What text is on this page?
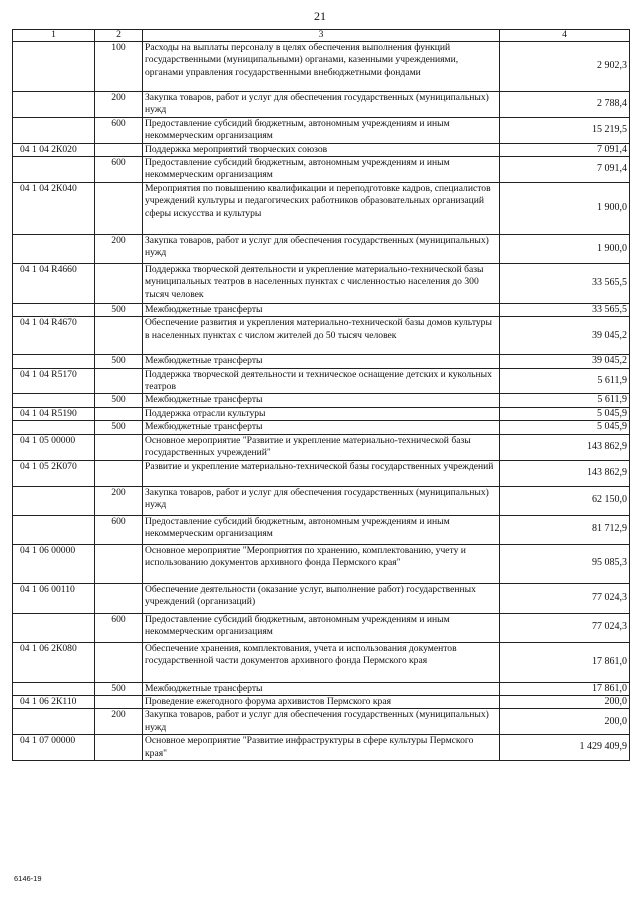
21
1	2	3	4
	100	Расходы на выплаты персоналу в целях обеспечения выполнения функций государственными (муниципальными) органами, казенными учреждениями, органами управления государственными внебюджетными фондами	2 902,3
	200	Закупка товаров, работ и услуг для обеспечения государственных (муниципальных) нужд	2 788,4
	600	Предоставление субсидий бюджетным, автономным учреждениям и иным некоммерческим организациям	15 219,5
04 1 04 2К020		Поддержка мероприятий творческих союзов	7 091,4
	600	Предоставление субсидий бюджетным, автономным учреждениям и иным некоммерческим организациям	7 091,4
04 1 04 2К040		Мероприятия по повышению квалификации и переподготовке кадров, специалистов учреждений культуры и педагогических работников образовательных организаций сферы искусства и культуры	1 900,0
	200	Закупка товаров, работ и услуг для обеспечения государственных (муниципальных) нужд	1 900,0
04 1 04 R4660		Поддержка творческой деятельности и укрепление материально-технической базы муниципальных театров в населенных пунктах с численностью населения до 300 тысяч человек	33 565,5
	500	Межбюджетные трансферты	33 565,5
04 1 04 R4670		Обеспечение развития и укрепления материально-технической базы домов культуры в населенных пунктах с числом жителей до 50 тысяч человек	39 045,2
	500	Межбюджетные трансферты	39 045,2
04 1 04 R5170		Поддержка творческой деятельности и техническое оснащение детских и кукольных театров	5 611,9
	500	Межбюджетные трансферты	5 611,9
04 1 04 R5190		Поддержка отрасли культуры	5 045,9
	500	Межбюджетные трансферты	5 045,9
04 1 05 00000		Основное мероприятие "Развитие и укрепление материально-технической базы государственных учреждений"	143 862,9
04 1 05 2К070		Развитие и укрепление материально-технической базы государственных учреждений	143 862,9
	200	Закупка товаров, работ и услуг для обеспечения государственных (муниципальных) нужд	62 150,0
	600	Предоставление субсидий бюджетным, автономным учреждениям и иным некоммерческим организациям	81 712,9
04 1 06 00000		Основное мероприятие "Мероприятия по хранению, комплектованию, учету и использованию документов архивного фонда Пермского края"	95 085,3
04 1 06 00110		Обеспечение деятельности (оказание услуг, выполнение работ) государственных учреждений (организаций)	77 024,3
	600	Предоставление субсидий бюджетным, автономным учреждениям и иным некоммерческим организациям	77 024,3
04 1 06 2К080		Обеспечение хранения, комплектования, учета и использования документов государственной части документов архивного фонда Пермского края	17 861,0
	500	Межбюджетные трансферты	17 861,0
04 1 06 2К110		Проведение ежегодного форума архивистов Пермского края	200,0
	200	Закупка товаров, работ и услуг для обеспечения государственных (муниципальных) нужд	200,0
04 1 07 00000		Основное мероприятие "Развитие инфраструктуры в сфере культуры Пермского края"	1 429 409,9
6146-19
